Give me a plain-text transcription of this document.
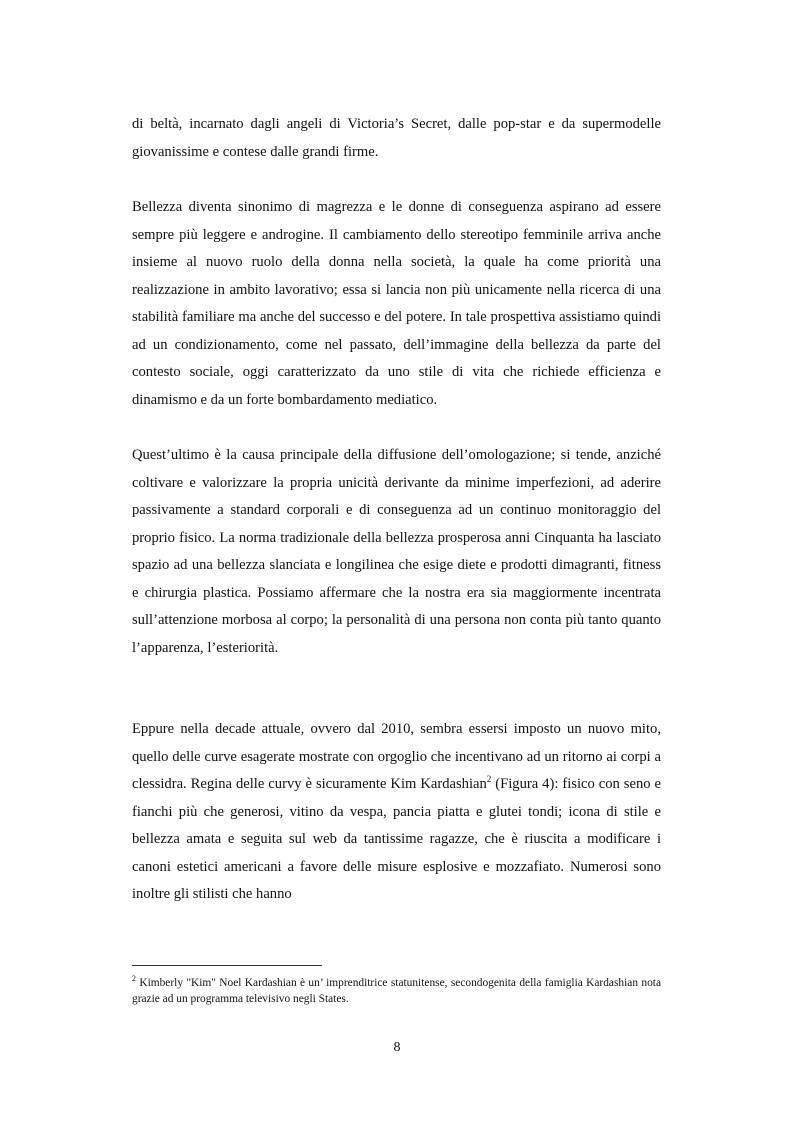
di beltà, incarnato dagli angeli di Victoria’s Secret, dalle pop-star e da supermodelle giovanissime e contese dalle grandi firme.

Bellezza diventa sinonimo di magrezza e le donne di conseguenza aspirano ad essere sempre più leggere e androgine. Il cambiamento dello stereotipo femminile arriva anche insieme al nuovo ruolo della donna nella società, la quale ha come priorità una realizzazione in ambito lavorativo; essa si lancia non più unicamente nella ricerca di una stabilità familiare ma anche del successo e del potere. In tale prospettiva assistiamo quindi ad un condizionamento, come nel passato, dell’immagine della bellezza da parte del contesto sociale, oggi caratterizzato da uno stile di vita che richiede efficienza e dinamismo e da un forte bombardamento mediatico.

Quest’ultimo è la causa principale della diffusione dell’omologazione; si tende, anziché coltivare e valorizzare la propria unicità derivante da minime imperfezioni, ad aderire passivamente a standard corporali e di conseguenza ad un continuo monitoraggio del proprio fisico. La norma tradizionale della bellezza prosperosa anni Cinquanta ha lasciato spazio ad una bellezza slanciata e longilinea che esige diete e prodotti dimagranti, fitness e chirurgia plastica. Possiamo affermare che la nostra era sia maggiormente incentrata sull’attenzione morbosa al corpo; la personalità di una persona non conta più tanto quanto l’apparenza, l’esteriorità.

Eppure nella decade attuale, ovvero dal 2010, sembra essersi imposto un nuovo mito, quello delle curve esagerate mostrate con orgoglio che incentivano ad un ritorno ai corpi a clessidra. Regina delle curvy è sicuramente Kim Kardashian$^2$ (Figura 4): fisico con seno e fianchi più che generosi, vitino da vespa, pancia piatta e glutei tondi; icona di stile e bellezza amata e seguita sul web da tantissime ragazze, che è riuscita a modificare i canoni estetici americani a favore delle misure esplosive e mozzafiato. Numerosi sono inoltre gli stilisti che hanno

$^2$ Kimberly "Kim" Noel Kardashian è un’ imprenditrice statunitense, secondogenita della famiglia Kardashian nota grazie ad un programma televisivo negli States.

8
